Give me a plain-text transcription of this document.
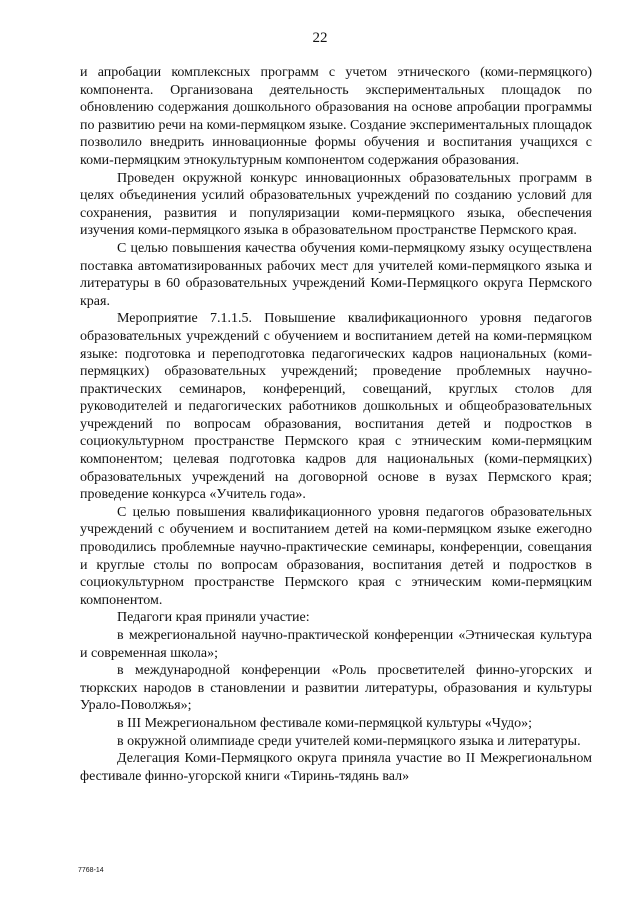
22

и апробации комплексных программ с учетом этнического (коми-пермяцкого) компонента. Организована деятельность экспериментальных площадок по обновлению содержания дошкольного образования на основе апробации программы по развитию речи на коми-пермяцком языке. Создание экспериментальных площадок позволило внедрить инновационные формы обучения и воспитания учащихся с коми-пермяцким этнокультурным компонентом содержания образования.

Проведен окружной конкурс инновационных образовательных программ в целях объединения усилий образовательных учреждений по созданию условий для сохранения, развития и популяризации коми-пермяцкого языка, обеспечения изучения коми-пермяцкого языка в образовательном пространстве Пермского края.

С целью повышения качества обучения коми-пермяцкому языку осуществлена поставка автоматизированных рабочих мест для учителей коми-пермяцкого языка и литературы в 60 образовательных учреждений Коми-Пермяцкого округа Пермского края.

Мероприятие 7.1.1.5. Повышение квалификационного уровня педагогов образовательных учреждений с обучением и воспитанием детей на коми-пермяцком языке: подготовка и переподготовка педагогических кадров национальных (коми-пермяцких) образовательных учреждений; проведение проблемных научно-практических семинаров, конференций, совещаний, круглых столов для руководителей и педагогических работников дошкольных и общеобразовательных учреждений по вопросам образования, воспитания детей и подростков в социокультурном пространстве Пермского края с этническим коми-пермяцким компонентом; целевая подготовка кадров для национальных (коми-пермяцких) образовательных учреждений на договорной основе в вузах Пермского края; проведение конкурса «Учитель года».

С целью повышения квалификационного уровня педагогов образовательных учреждений с обучением и воспитанием детей на коми-пермяцком языке ежегодно проводились проблемные научно-практические семинары, конференции, совещания и круглые столы по вопросам образования, воспитания детей и подростков в социокультурном пространстве Пермского края с этническим коми-пермяцким компонентом.

Педагоги края приняли участие:

в межрегиональной научно-практической конференции «Этническая культура и современная школа»;

в международной конференции «Роль просветителей финно-угорских и тюркских народов в становлении и развитии литературы, образования и культуры Урало-Поволжья»;

в III Межрегиональном фестивале коми-пермяцкой культуры «Чудо»;

в окружной олимпиаде среди учителей коми-пермяцкого языка и литературы.

Делегация Коми-Пермяцкого округа приняла участие во II Межрегиональном фестивале финно-угорской книги «Тиринь-тядянь вал»

7768-14
